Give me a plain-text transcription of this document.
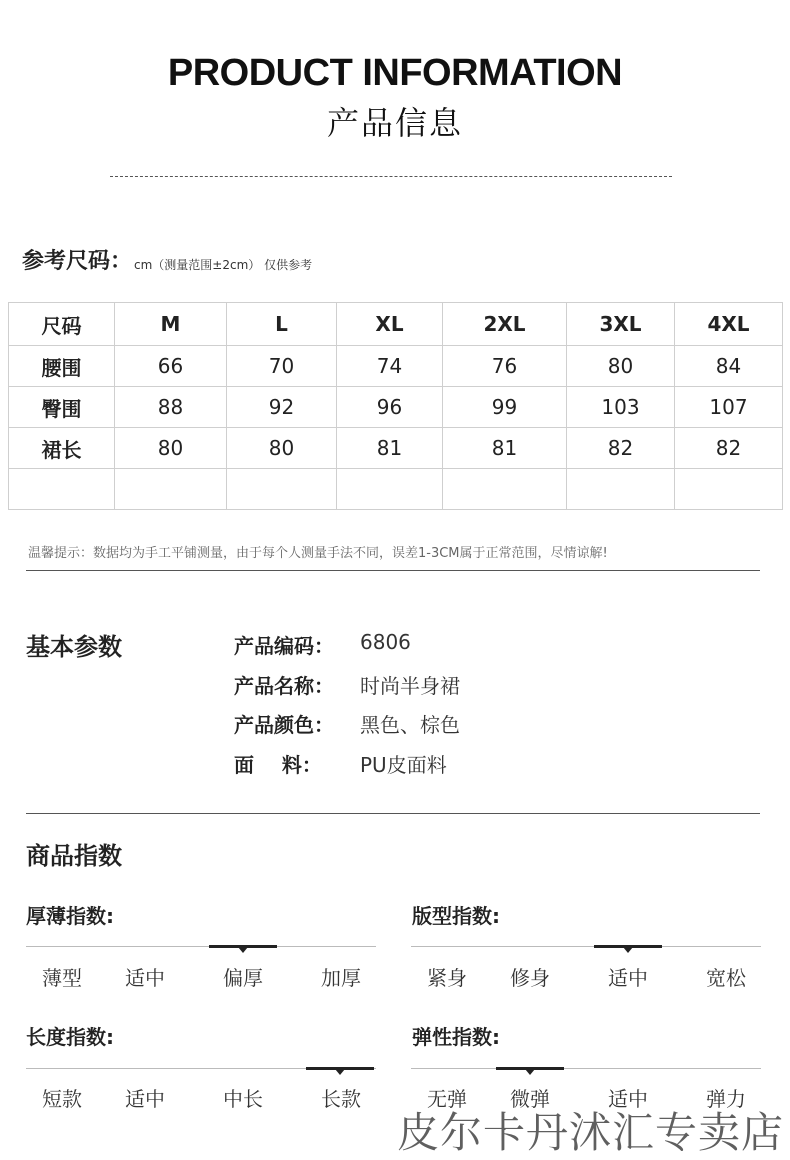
PRODUCT INFORMATION
产品信息
参考尺码： cm（测量范围±2cm） 仅供参考
尺码	M	L	XL	2XL	3XL	4XL
腰围	66	70	74	76	80	84
臀围	88	92	96	99	103	107
裙长	80	80	81	81	82	82

温馨提示：数据均为手工平铺测量，由于每个人测量手法不同，误差1-3CM属于正常范围，尽情谅解!
基本参数	产品编码： 6806
产品名称： 时尚半身裙
产品颜色： 黑色、棕色
面    料： PU皮面料
商品指数
厚薄指数:
薄型	适中	偏厚	加厚
版型指数:
紧身	修身	适中	宽松
长度指数:
短款	适中	中长	长款
弹性指数:
无弹	微弹	适中	弹力
皮尔卡丹沭汇专卖店
